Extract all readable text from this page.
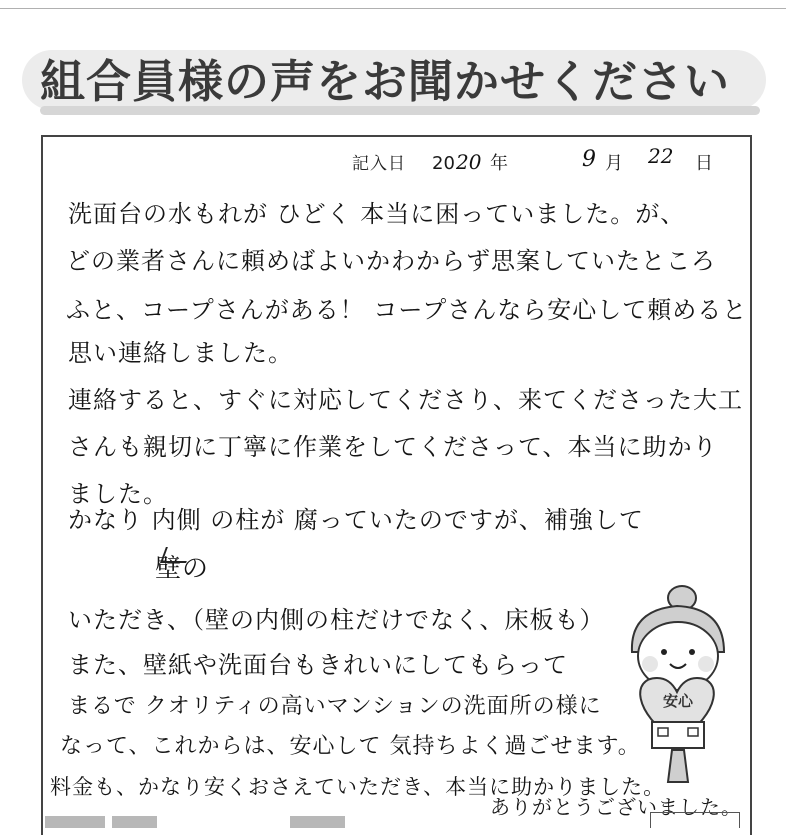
組合員様の声をお聞かせください
記入日 20 20 年	9 月 22 日
洗面台の水もれが ひどく 本当に困っていました。が、
どの業者さんに頼めばよいかわからず思案していたところ
ふと、コープさんがある！ コープさんなら安心して頼めると
思い連絡しました。
連絡すると、すぐに対応してくださり、来てくださった大工
さんも親切に丁寧に作業をしてくださって、本当に助かり
ました。
かなり 内側 の柱が 腐っていたのですが、補強して
壁の
いただき、（壁の内側の柱だけでなく、床板も）
また、壁紙や洗面台もきれいにしてもらって
まるで クオリティの高いマンションの洗面所の様に
なって、これからは、安心して 気持ちよく過ごせます。
料金も、かなり安くおさえていただき、本当に助かりました。
ありがとうございました。
安心
